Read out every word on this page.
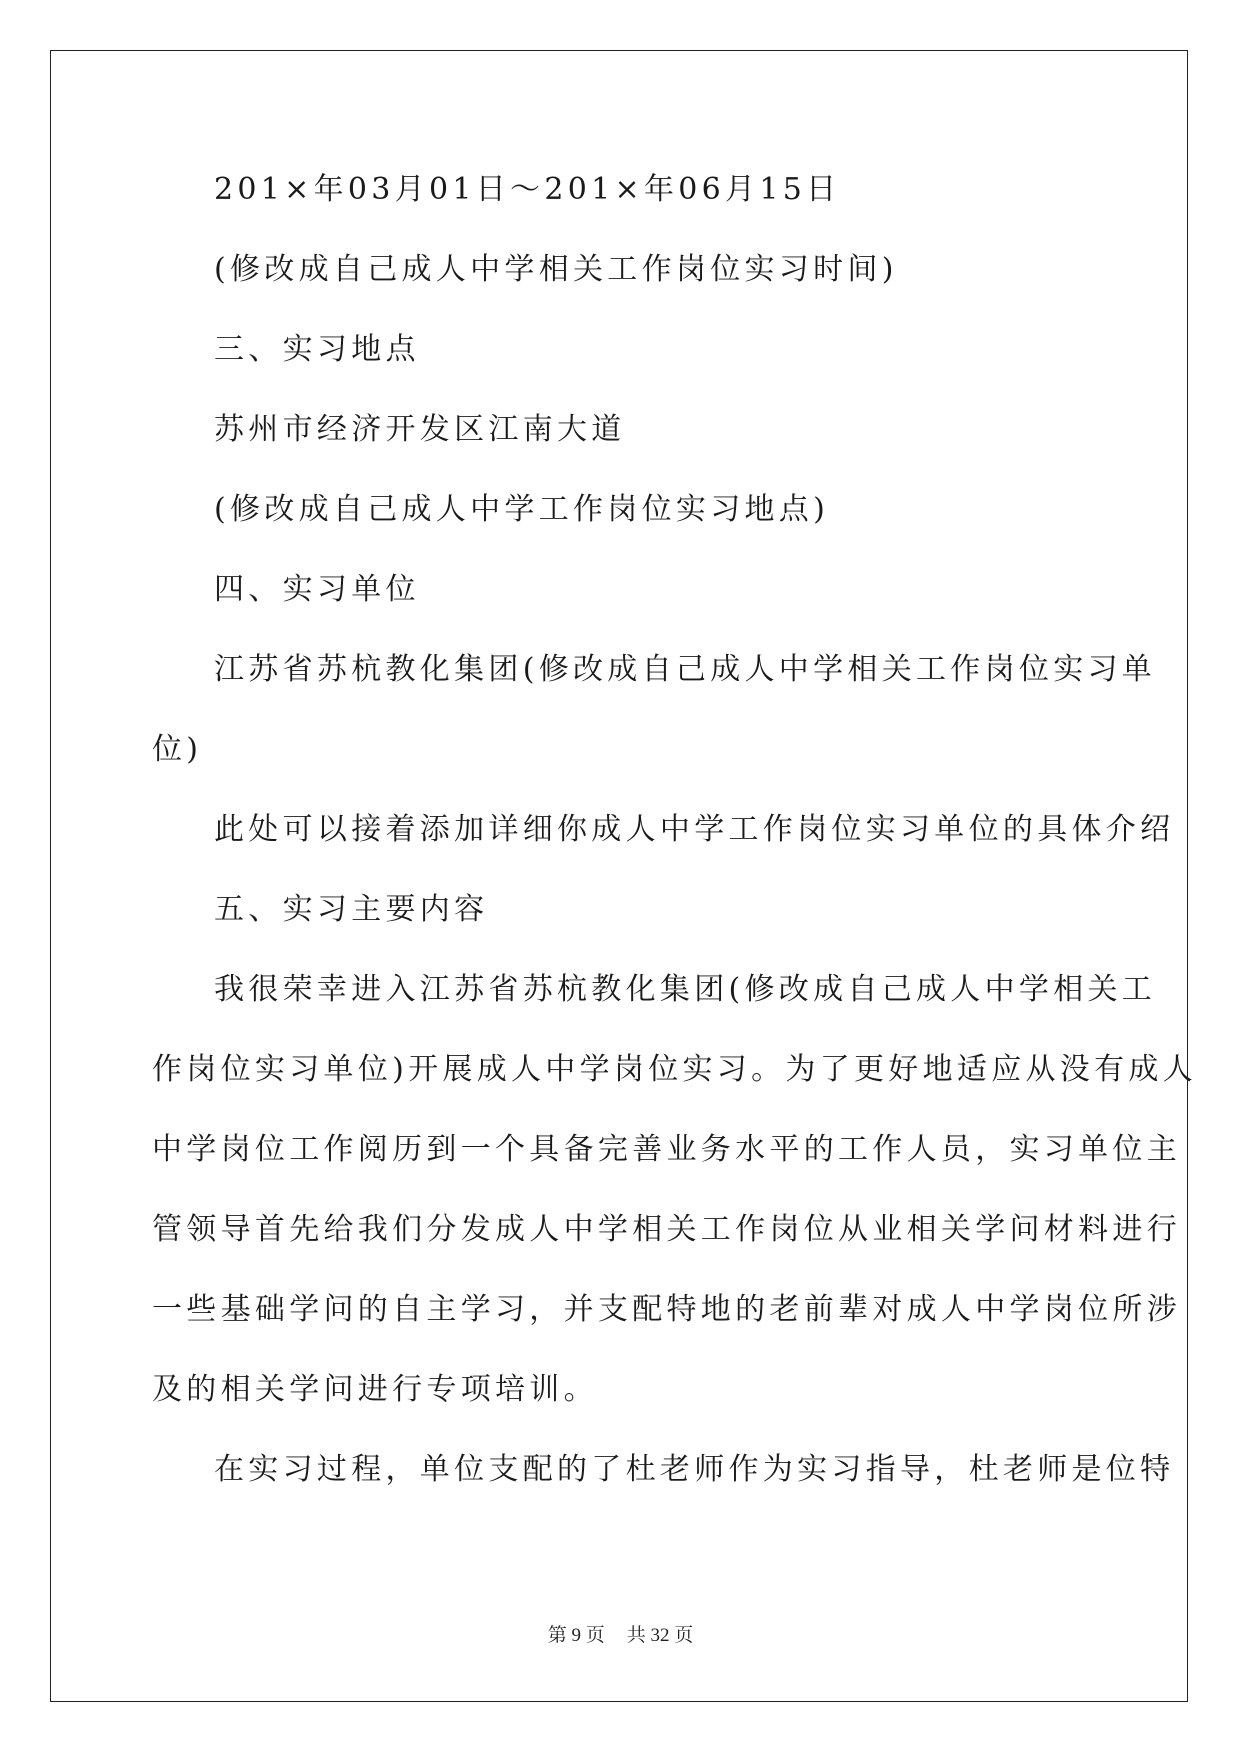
201×年03月01日～201×年06月15日
(修改成自己成人中学相关工作岗位实习时间)
三、实习地点
苏州市经济开发区江南大道
(修改成自己成人中学工作岗位实习地点)
四、实习单位
江苏省苏杭教化集团(修改成自己成人中学相关工作岗位实习单
位)
此处可以接着添加详细你成人中学工作岗位实习单位的具体介绍
五、实习主要内容
我很荣幸进入江苏省苏杭教化集团(修改成自己成人中学相关工
作岗位实习单位)开展成人中学岗位实习。为了更好地适应从没有成人
中学岗位工作阅历到一个具备完善业务水平的工作人员，实习单位主
管领导首先给我们分发成人中学相关工作岗位从业相关学问材料进行
一些基础学问的自主学习，并支配特地的老前辈对成人中学岗位所涉
及的相关学问进行专项培训。
在实习过程，单位支配的了杜老师作为实习指导，杜老师是位特
第 9 页 共 32 页
